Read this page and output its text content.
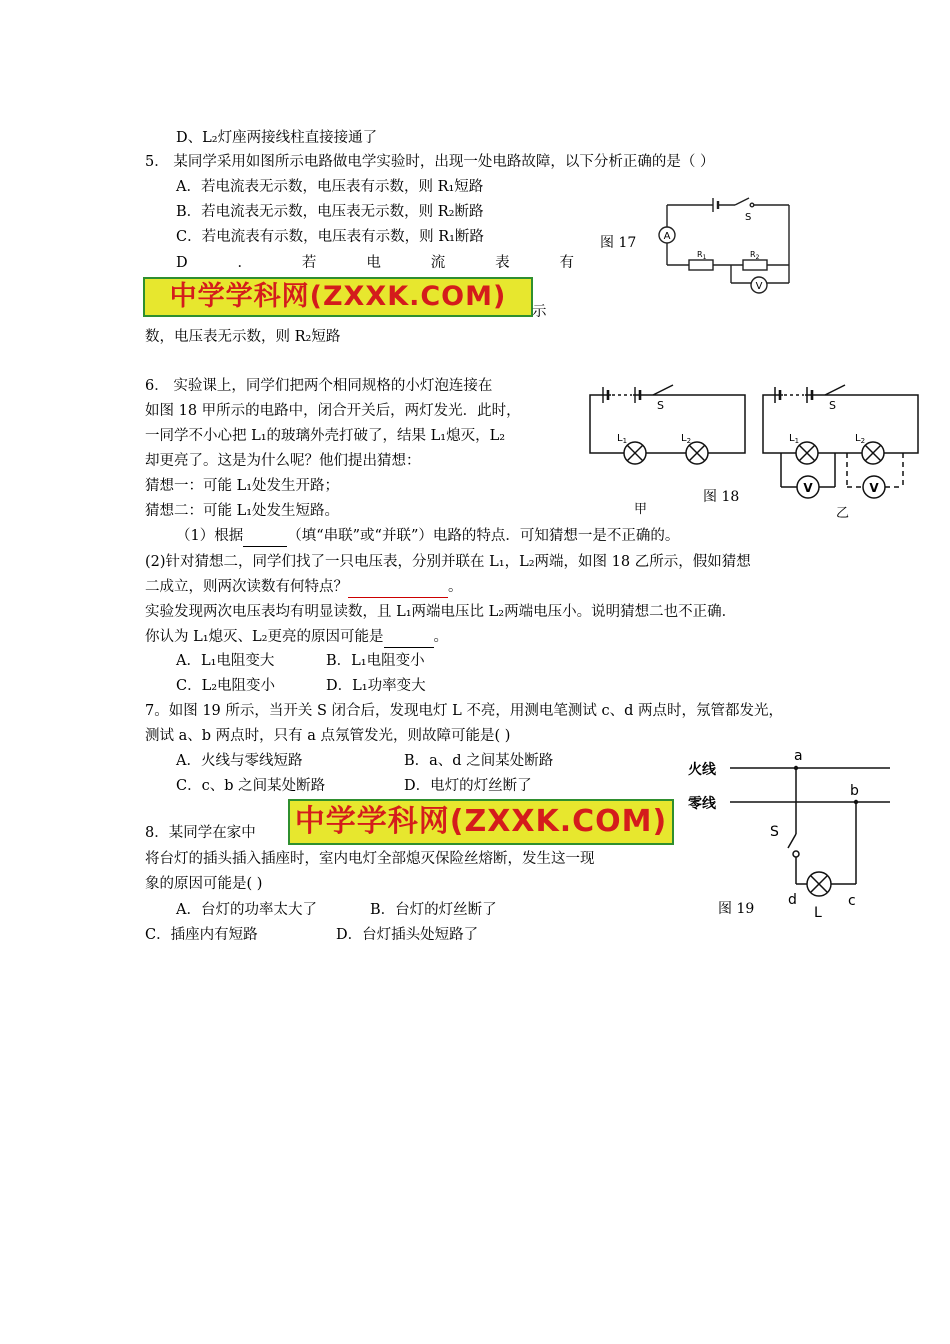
D、L₂灯座两接线柱直接接通了
5． 某同学采用如图所示电路做电学实验时，出现一处电路故障，以下分析正确的是（ ）
A．若电流表无示数，电压表有示数，则 R₁短路
B．若电流表无示数，电压表无示数，则 R₂断路
C．若电流表有示数，电压表有示数，则 R₁断路
D	．	若	电	流	表	有
中学学科网(ZXXK.COM)	示
数，电压表无示数，则 R₂短路
图 17	A
V
S
$R_1$	$R_2$
6． 实验课上，同学们把两个相同规格的小灯泡连接在
如图 18 甲所示的电路中，闭合开关后，两灯发光．此时，
一同学不小心把 L₁的玻璃外壳打破了，结果 L₁熄灭，L₂
却更亮了。这是为什么呢？他们提出猜想：
猜想一：可能 L₁处发生开路；
猜想二：可能 L₁处发生短路。
（1）根据	（填“串联”或“并联”）电路的特点．可知猜想一是不正确的。
(2)针对猜想二，同学们找了一只电压表，分别并联在 L₁，L₂两端，如图 18 乙所示，假如猜想
二成立，则两次读数有何特点？	。
实验发现两次电压表均有明显读数，且 L₁两端电压比 L₂两端电压小。说明猜想二也不正确．
你认为 L₁熄灭、L₂更亮的原因可能是	。
A．L₁电阻变大	B．L₁电阻变小
C．L₂电阻变小	D．L₁功率变大
S	S
$L_1$	$L_2$	$L_1$	$L_2$
V	V
图 18
甲	乙
7。如图 19 所示，当开关 S 闭合后，发现电灯 L 不亮，用测电笔测试 c、d 两点时，氖管都发光，
测试 a、b 两点时，只有 a 点氖管发光，则故障可能是( )
A．火线与零线短路	B．a、d 之间某处断路
C．c、b 之间某处断路	D．电灯的灯丝断了
a
b
S
d	c
L
火线
零线
图 19
8．某同学在家中 中学学科网(ZXXK.COM)
将台灯的插头插入插座时，室内电灯全部熄灭保险丝熔断，发生这一现
象的原因可能是( )
A．台灯的功率太大了	B．台灯的灯丝断了
C．插座内有短路	D．台灯插头处短路了
